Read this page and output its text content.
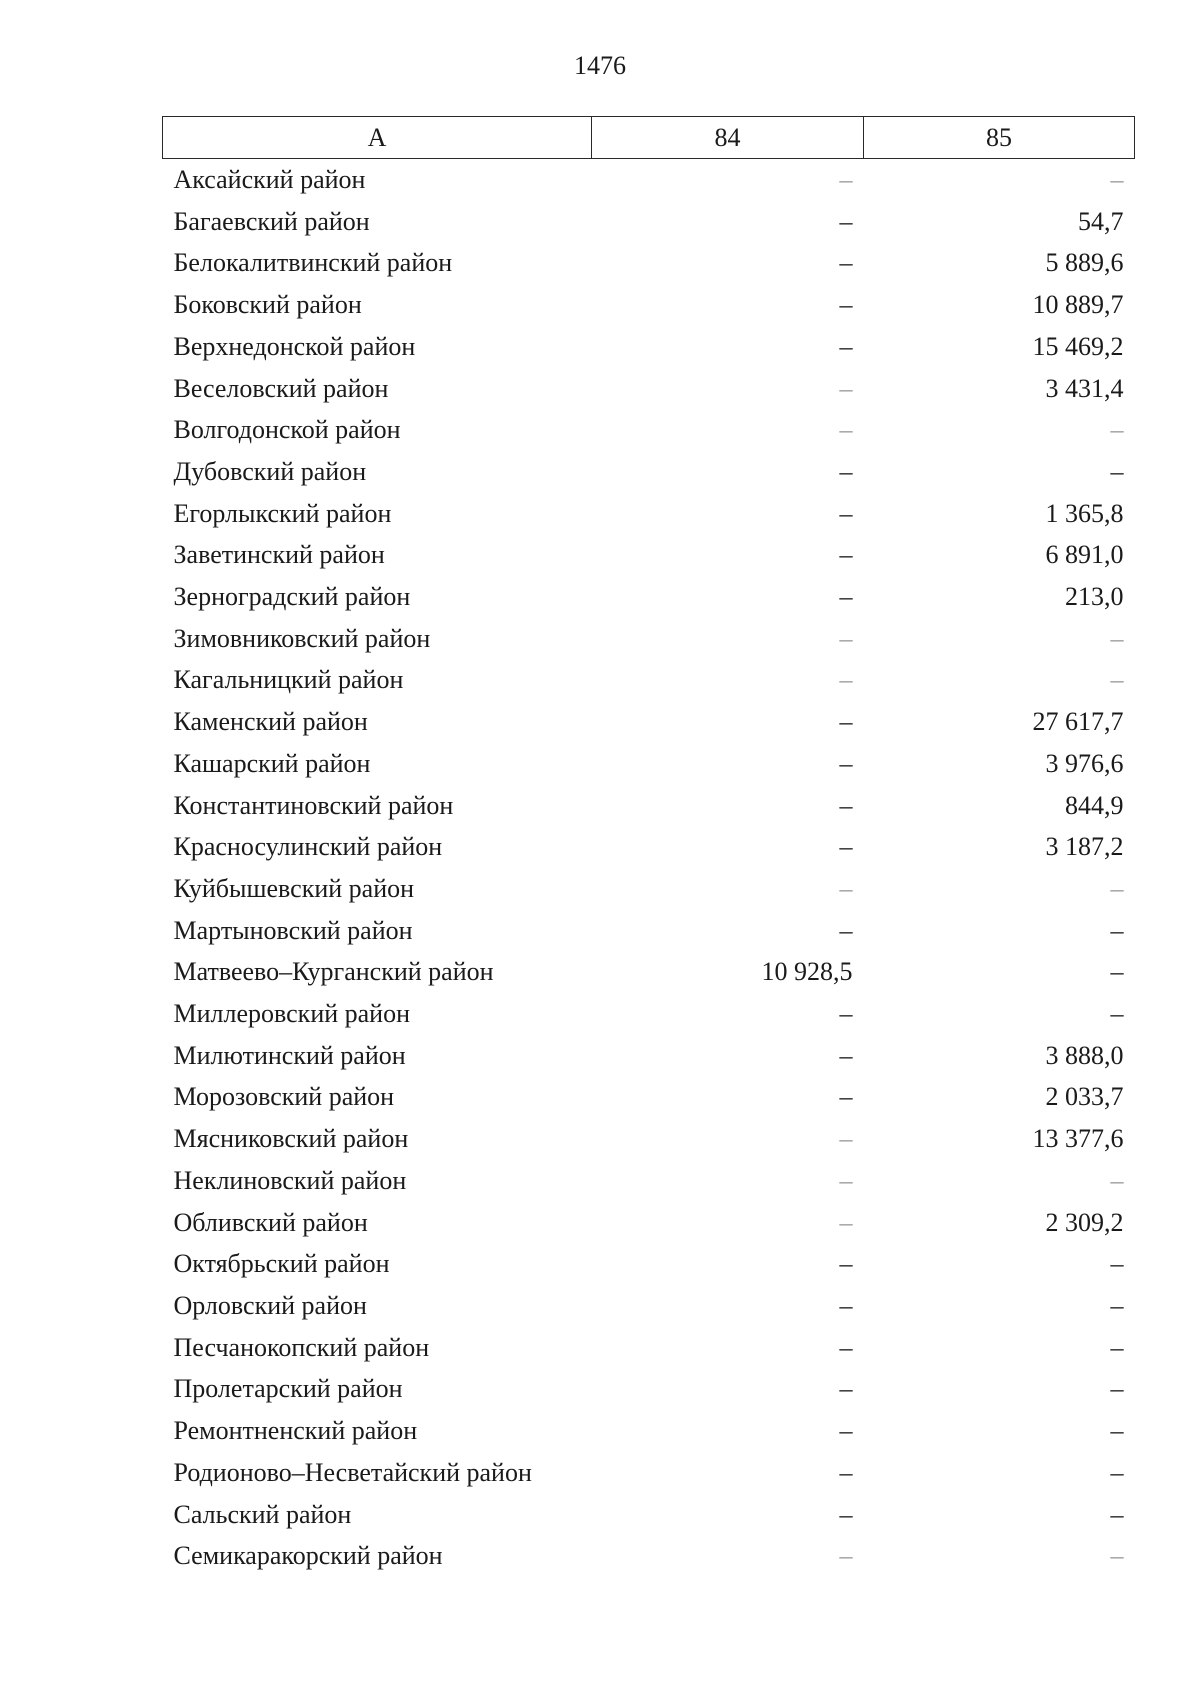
1476
А	84	85
Аксайский район	–	–
Багаевский район	–	54,7
Белокалитвинский район	–	5 889,6
Боковский район	–	10 889,7
Верхнедонской район	–	15 469,2
Веселовский район	–	3 431,4
Волгодонской район	–	–
Дубовский район	–	–
Егорлыкский район	–	1 365,8
Заветинский район	–	6 891,0
Зерноградский район	–	213,0
Зимовниковский район	–	–
Кагальницкий район	–	–
Каменский район	–	27 617,7
Кашарский район	–	3 976,6
Константиновский район	–	844,9
Красносулинский район	–	3 187,2
Куйбышевский район	–	–
Мартыновский район	–	–
Матвеево–Курганский район	10 928,5	–
Миллеровский район	–	–
Милютинский район	–	3 888,0
Морозовский район	–	2 033,7
Мясниковский район	–	13 377,6
Неклиновский район	–	–
Обливский район	–	2 309,2
Октябрьский район	–	–
Орловский район	–	–
Песчанокопский район	–	–
Пролетарский район	–	–
Ремонтненский район	–	–
Родионово–Несветайский район	–	–
Сальский район	–	–
Семикаракорский район	–	–
